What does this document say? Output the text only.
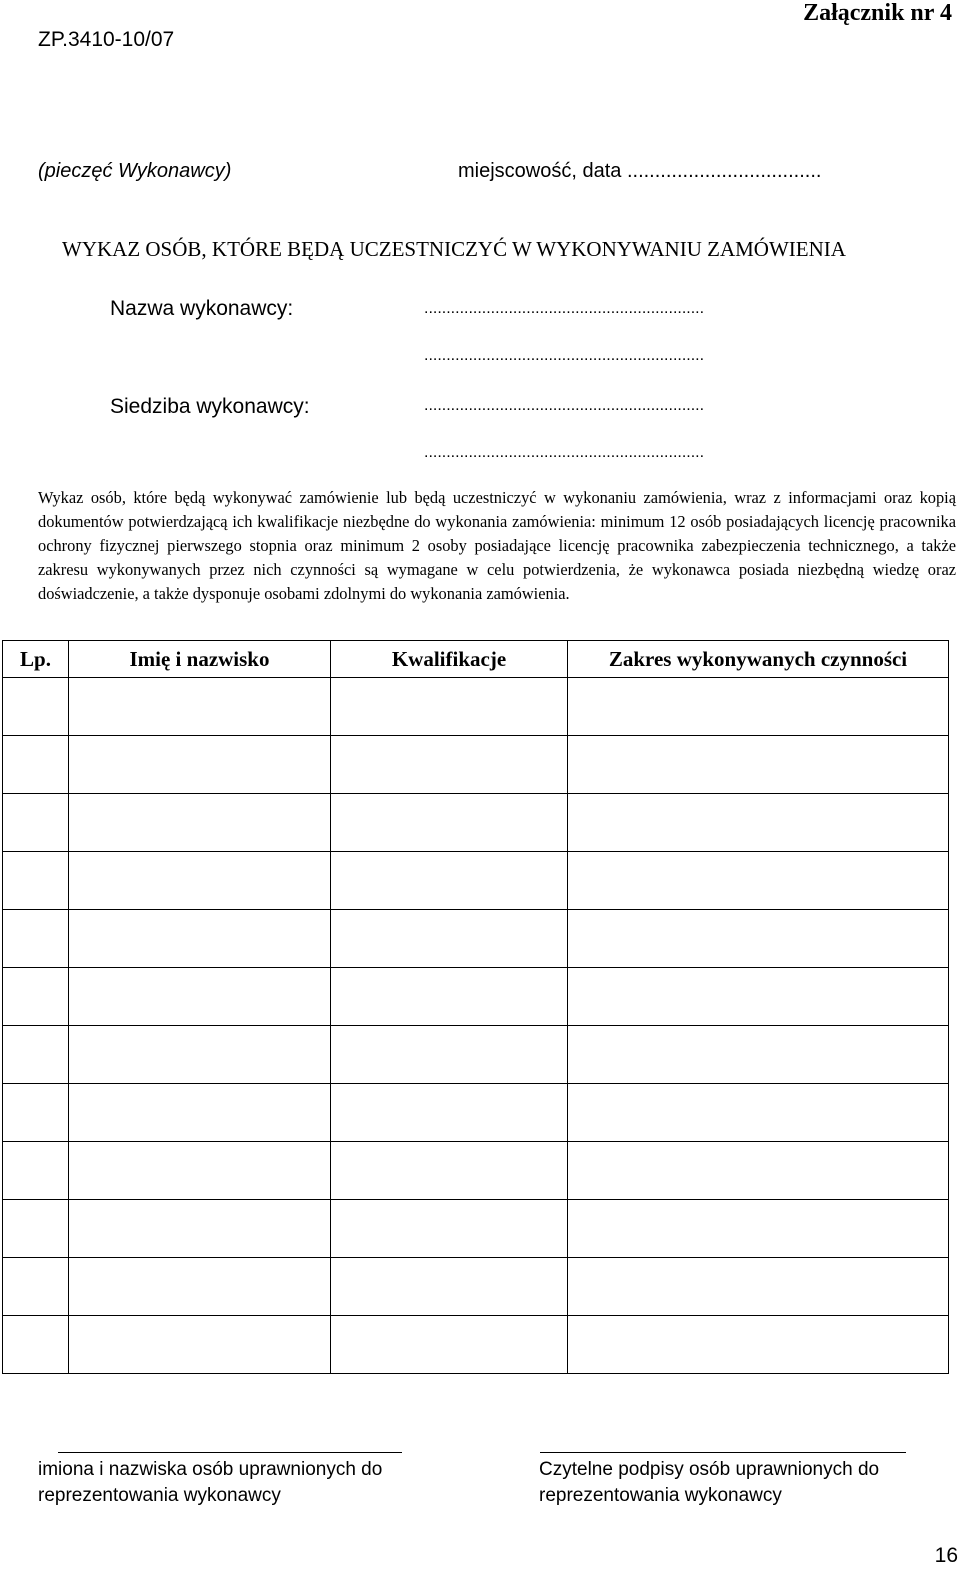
ZP.3410-10/07
Załącznik nr 4
(pieczęć Wykonawcy)	miejscowość, data ...................................
WYKAZ OSÓB, KTÓRE BĘDĄ UCZESTNICZYĆ W WYKONYWANIU ZAMÓWIENIA
Nazwa wykonawcy:	...............................................................
...............................................................
Siedziba wykonawcy:	...............................................................
...............................................................
Wykaz osób, które będą wykonywać zamówienie lub będą uczestniczyć w wykonaniu zamówienia, wraz z informacjami oraz kopią dokumentów potwierdzającą ich kwalifikacje niezbędne do wykonania zamówienia: minimum 12 osób posiadających licencję pracownika ochrony fizycznej pierwszego stopnia oraz minimum 2 osoby posiadające licencję pracownika zabezpieczenia technicznego, a także zakresu wykonywanych przez nich czynności są wymagane w celu potwierdzenia, że wykonawca posiada niezbędną wiedzę oraz doświadczenie, a także dysponuje osobami zdolnymi do wykonania zamówienia.
Lp.	Imię i nazwisko	Kwalifikacje	Zakres wykonywanych czynności

imiona i nazwiska osób uprawnionych do
reprezentowania wykonawcy
Czytelne podpisy osób uprawnionych do
reprezentowania wykonawcy
16
